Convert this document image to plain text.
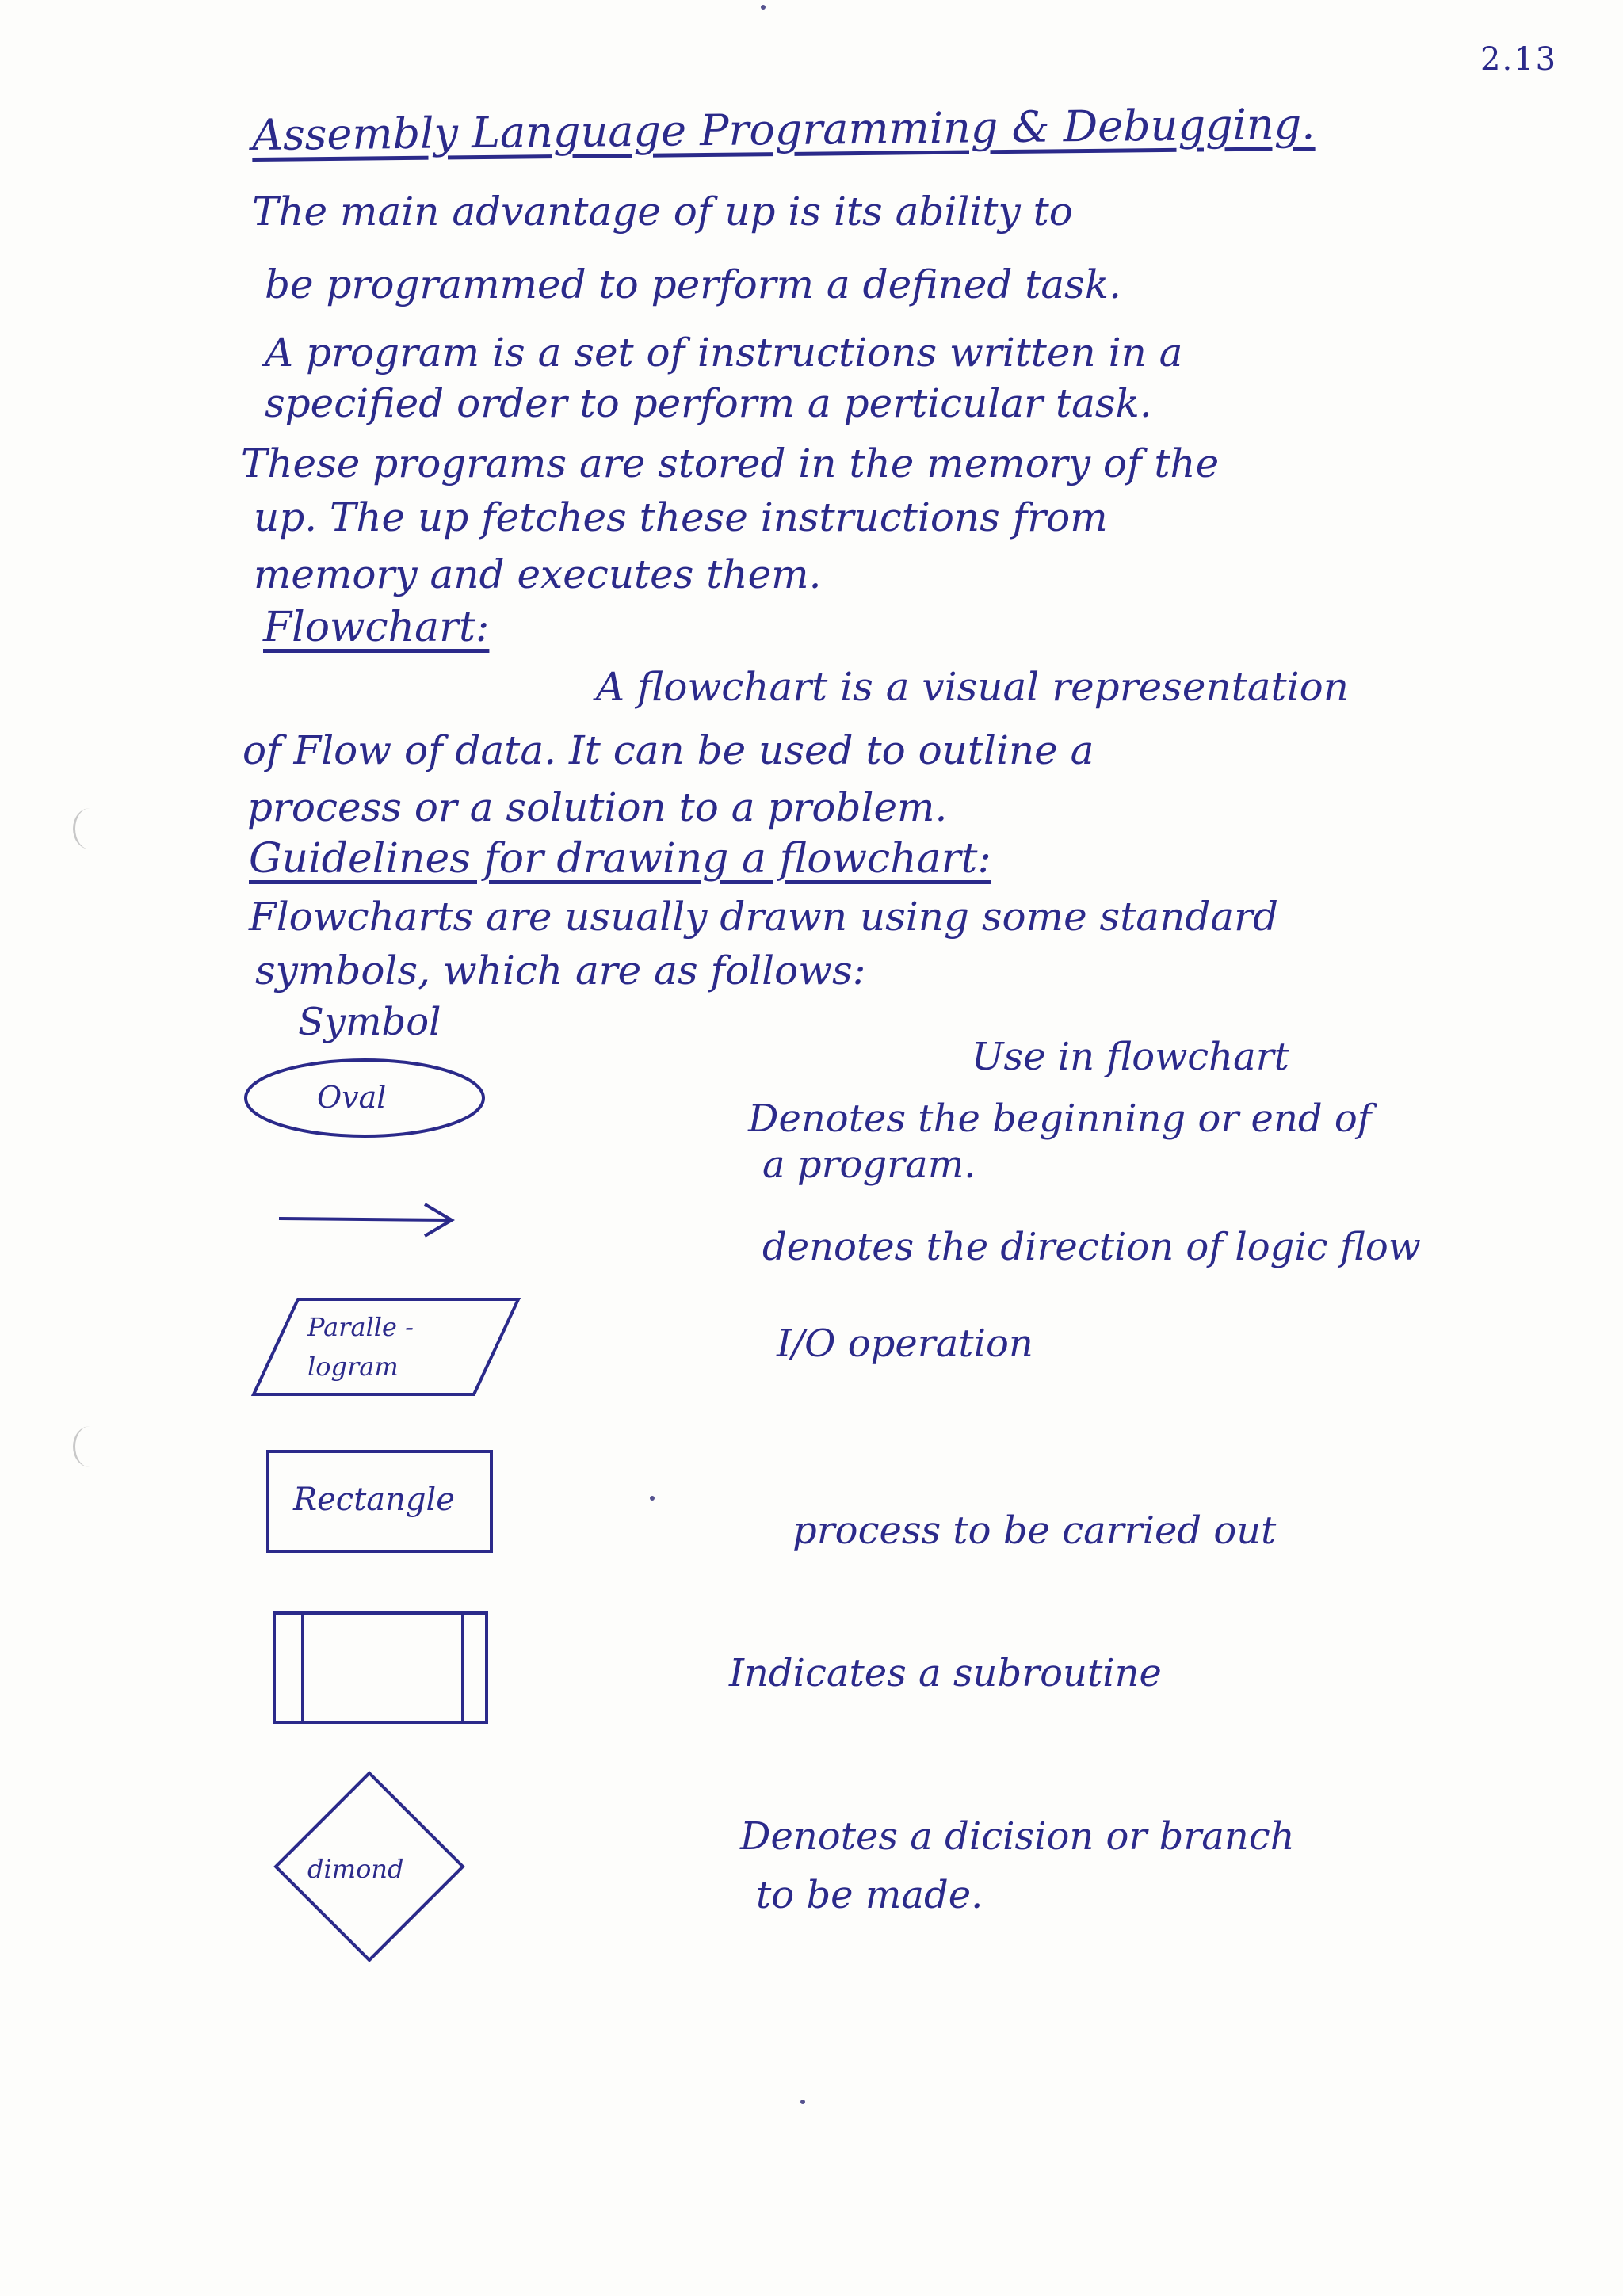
2.13
Assembly Language Programming & Debugging.
The main advantage of up is its ability to
be programmed to perform a defined task.
A program is a set of instructions written in a
specified order to perform a perticular task.
These programs are stored in the memory of the
up. The up fetches these instructions from
memory and executes them.
Flowchart:
A flowchart is a visual representation
of Flow of data. It can be used to outline a
process or a solution to a problem.
Guidelines for drawing a flowchart:
Flowcharts are usually drawn using some standard
symbols, which are as follows:
Symbol
Use in flowchart
Oval
Paralle -
logram
Rectangle
dimond
Denotes the beginning or end of
a program.
denotes the direction of logic flow
I/O operation
process to be carried out
Indicates a subroutine
Denotes a dicision or branch
to be made.
